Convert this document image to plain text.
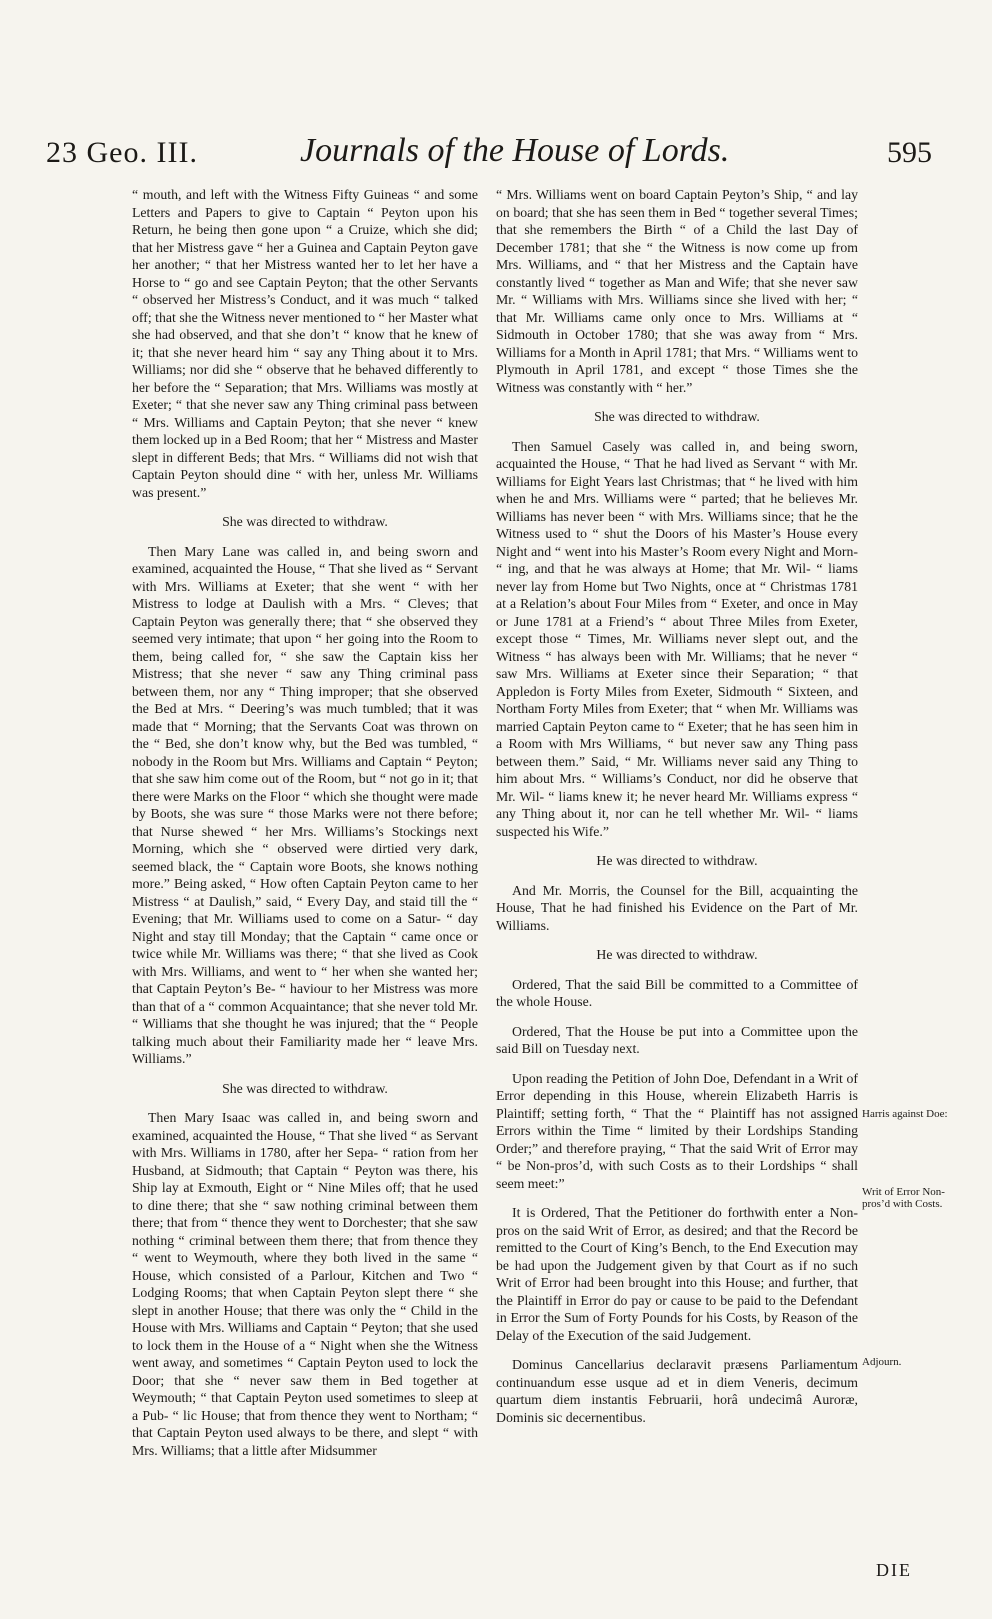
23 Geo. III.	Journals of the House of Lords.	595

“ mouth, and left with the Witness Fifty Guineas “ and some Letters and Papers to give to Captain “ Peyton upon his Return, he being then gone upon “ a Cruize, which she did; that her Mistress gave “ her a Guinea and Captain Peyton gave her another; “ that her Mistress wanted her to let her have a Horse to “ go and see Captain Peyton; that the other Servants “ observed her Mistress’s Conduct, and it was much “ talked off; that she the Witness never mentioned to “ her Master what she had observed, and that she don’t “ know that he knew of it; that she never heard him “ say any Thing about it to Mrs. Williams; nor did she “ observe that he behaved differently to her before the “ Separation; that Mrs. Williams was mostly at Exeter; “ that she never saw any Thing criminal pass between “ Mrs. Williams and Captain Peyton; that she never “ knew them locked up in a Bed Room; that her “ Mistress and Master slept in different Beds; that Mrs. “ Williams did not wish that Captain Peyton should dine “ with her, unless Mr. Williams was present.”

She was directed to withdraw.

Then Mary Lane was called in, and being sworn and examined, acquainted the House, “ That she lived as “ Servant with Mrs. Williams at Exeter; that she went “ with her Mistress to lodge at Daulish with a Mrs. “ Cleves; that Captain Peyton was generally there; that “ she observed they seemed very intimate; that upon “ her going into the Room to them, being called for, “ she saw the Captain kiss her Mistress; that she never “ saw any Thing criminal pass between them, nor any “ Thing improper; that she observed the Bed at Mrs. “ Deering’s was much tumbled; that it was made that “ Morning; that the Servants Coat was thrown on the “ Bed, she don’t know why, but the Bed was tumbled, “ nobody in the Room but Mrs. Williams and Captain “ Peyton; that she saw him come out of the Room, but “ not go in it; that there were Marks on the Floor “ which she thought were made by Boots, she was sure “ those Marks were not there before; that Nurse shewed “ her Mrs. Williams’s Stockings next Morning, which she “ observed were dirtied very dark, seemed black, the “ Captain wore Boots, she knows nothing more.” Being asked, “ How often Captain Peyton came to her Mistress “ at Daulish,” said, “ Every Day, and staid till the “ Evening; that Mr. Williams used to come on a Satur- “ day Night and stay till Monday; that the Captain “ came once or twice while Mr. Williams was there; “ that she lived as Cook with Mrs. Williams, and went to “ her when she wanted her; that Captain Peyton’s Be- “ haviour to her Mistress was more than that of a “ common Acquaintance; that she never told Mr. “ Williams that she thought he was injured; that the “ People talking much about their Familiarity made her “ leave Mrs. Williams.”

She was directed to withdraw.

Then Mary Isaac was called in, and being sworn and examined, acquainted the House, “ That she lived “ as Servant with Mrs. Williams in 1780, after her Sepa- “ ration from her Husband, at Sidmouth; that Captain “ Peyton was there, his Ship lay at Exmouth, Eight or “ Nine Miles off; that he used to dine there; that she “ saw nothing criminal between them there; that from “ thence they went to Dorchester; that she saw nothing “ criminal between them there; that from thence they “ went to Weymouth, where they both lived in the same “ House, which consisted of a Parlour, Kitchen and Two “ Lodging Rooms; that when Captain Peyton slept there “ she slept in another House; that there was only the “ Child in the House with Mrs. Williams and Captain “ Peyton; that she used to lock them in the House of a “ Night when she the Witness went away, and sometimes “ Captain Peyton used to lock the Door; that she “ never saw them in Bed together at Weymouth; “ that Captain Peyton used sometimes to sleep at a Pub- “ lic House; that from thence they went to Northam; “ that Captain Peyton used always to be there, and slept “ with Mrs. Williams; that a little after Midsummer

“ Mrs. Williams went on board Captain Peyton’s Ship, “ and lay on board; that she has seen them in Bed “ together several Times; that she remembers the Birth “ of a Child the last Day of December 1781; that she “ the Witness is now come up from Mrs. Williams, and “ that her Mistress and the Captain have constantly lived “ together as Man and Wife; that she never saw Mr. “ Williams with Mrs. Williams since she lived with her; “ that Mr. Williams came only once to Mrs. Williams at “ Sidmouth in October 1780; that she was away from “ Mrs. Williams for a Month in April 1781; that Mrs. “ Williams went to Plymouth in April 1781, and except “ those Times she the Witness was constantly with “ her.”

She was directed to withdraw.

Then Samuel Casely was called in, and being sworn, acquainted the House, “ That he had lived as Servant “ with Mr. Williams for Eight Years last Christmas; that “ he lived with him when he and Mrs. Williams were “ parted; that he believes Mr. Williams has never been “ with Mrs. Williams since; that he the Witness used to “ shut the Doors of his Master’s House every Night and “ went into his Master’s Room every Night and Morn- “ ing, and that he was always at Home; that Mr. Wil- “ liams never lay from Home but Two Nights, once at “ Christmas 1781 at a Relation’s about Four Miles from “ Exeter, and once in May or June 1781 at a Friend’s “ about Three Miles from Exeter, except those “ Times, Mr. Williams never slept out, and the Witness “ has always been with Mr. Williams; that he never “ saw Mrs. Williams at Exeter since their Separation; “ that Appledon is Forty Miles from Exeter, Sidmouth “ Sixteen, and Northam Forty Miles from Exeter; that “ when Mr. Williams was married Captain Peyton came to “ Exeter; that he has seen him in a Room with Mrs Williams, “ but never saw any Thing pass between them.” Said, “ Mr. Williams never said any Thing to him about Mrs. “ Williams’s Conduct, nor did he observe that Mr. Wil- “ liams knew it; he never heard Mr. Williams express “ any Thing about it, nor can he tell whether Mr. Wil- “ liams suspected his Wife.”

He was directed to withdraw.

And Mr. Morris, the Counsel for the Bill, acquainting the House, That he had finished his Evidence on the Part of Mr. Williams.

He was directed to withdraw.

Ordered, That the said Bill be committed to a Committee of the whole House.

Ordered, That the House be put into a Committee upon the said Bill on Tuesday next.

Upon reading the Petition of John Doe, Defendant in a Writ of Error depending in this House, wherein Elizabeth Harris is Plaintiff; setting forth, “ That the “ Plaintiff has not assigned Errors within the Time “ limited by their Lordships Standing Order;” and therefore praying, “ That the said Writ of Error may “ be Non-pros’d, with such Costs as to their Lordships “ shall seem meet:”

It is Ordered, That the Petitioner do forthwith enter a Non-pros on the said Writ of Error, as desired; and that the Record be remitted to the Court of King’s Bench, to the End Execution may be had upon the Judgement given by that Court as if no such Writ of Error had been brought into this House; and further, that the Plaintiff in Error do pay or cause to be paid to the Defendant in Error the Sum of Forty Pounds for his Costs, by Reason of the Delay of the Execution of the said Judgement.

Dominus Cancellarius declaravit præsens Parliamentum continuandum esse usque ad et in diem Veneris, decimum quartum diem instantis Februarii, horâ undecimâ Auroræ, Dominis sic decernentibus.

Harris against Doe:
Writ of Error Non-pros’d with Costs.
Adjourn.
DIE
